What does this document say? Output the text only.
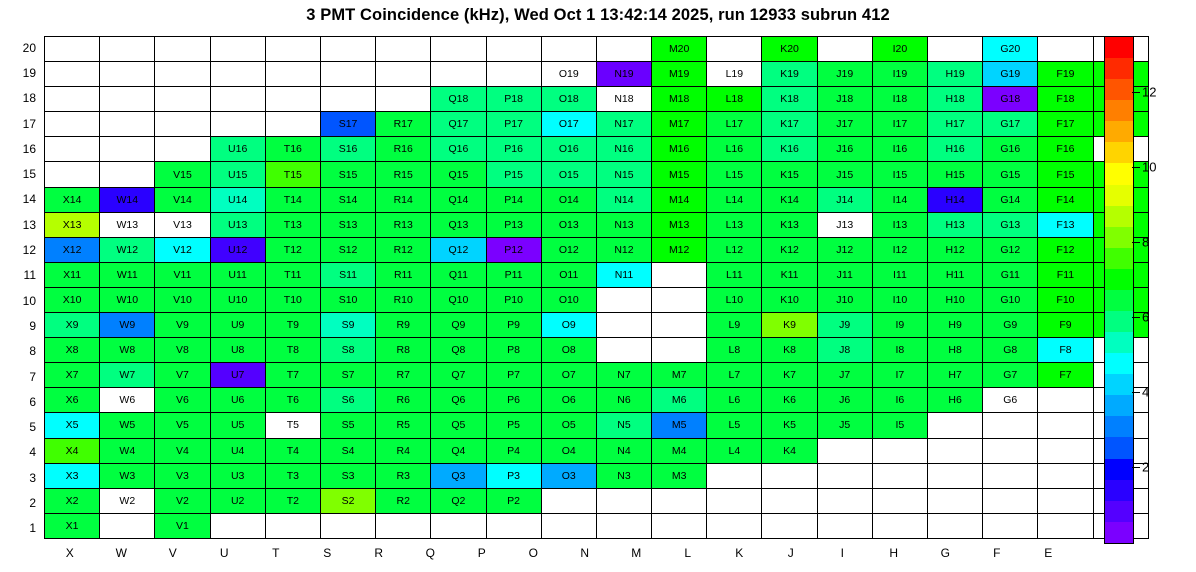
3 PMT Coincidence (kHz), Wed Oct 1 13:42:14 2025, run 12933 subrun 412
20
19
18
17
16
15
14
13
12
11
10
9
8
7
6
5
4
3
2
1
											M20		K20		I20		G20		
									O19	N19	M19	L19	K19	J19	I19	H19	G19	F19	
							Q18	P18	O18	N18	M18	L18	K18	J18	I18	H18	G18	F18	
					S17	R17	Q17	P17	O17	N17	M17	L17	K17	J17	I17	H17	G17	F17	
			U16	T16	S16	R16	Q16	P16	O16	N16	M16	L16	K16	J16	I16	H16	G16	F16	
		V15	U15	T15	S15	R15	Q15	P15	O15	N15	M15	L15	K15	J15	I15	H15	G15	F15	
X14	W14	V14	U14	T14	S14	R14	Q14	P14	O14	N14	M14	L14	K14	J14	I14	H14	G14	F14	
X13	W13	V13	U13	T13	S13	R13	Q13	P13	O13	N13	M13	L13	K13	J13	I13	H13	G13	F13	
X12	W12	V12	U12	T12	S12	R12	Q12	P12	O12	N12	M12	L12	K12	J12	I12	H12	G12	F12	
X11	W11	V11	U11	T11	S11	R11	Q11	P11	O11	N11		L11	K11	J11	I11	H11	G11	F11	
X10	W10	V10	U10	T10	S10	R10	Q10	P10	O10			L10	K10	J10	I10	H10	G10	F10	
X9	W9	V9	U9	T9	S9	R9	Q9	P9	O9			L9	K9	J9	I9	H9	G9	F9	
X8	W8	V8	U8	T8	S8	R8	Q8	P8	O8			L8	K8	J8	I8	H8	G8	F8	
X7	W7	V7	U7	T7	S7	R7	Q7	P7	O7	N7	M7	L7	K7	J7	I7	H7	G7	F7	
X6	W6	V6	U6	T6	S6	R6	Q6	P6	O6	N6	M6	L6	K6	J6	I6	H6	G6		
X5	W5	V5	U5	T5	S5	R5	Q5	P5	O5	N5	M5	L5	K5	J5	I5				
X4	W4	V4	U4	T4	S4	R4	Q4	P4	O4	N4	M4	L4	K4						
X3	W3	V3	U3	T3	S3	R3	Q3	P3	O3	N3	M3								
X2	W2	V2	U2	T2	S2	R2	Q2	P2											
X1		V1																	
X	W	V	U	T	S	R	Q	P	O	N	M	L	K	J	I	H	G	F	E
2
4
6
8
10
12
